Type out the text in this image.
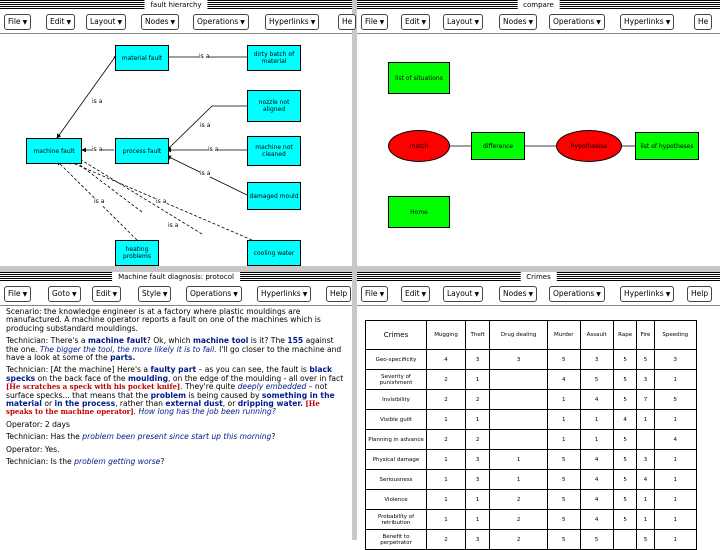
fault hierarchy
File ▼	Edit ▼	Layout ▼	Nodes ▼	Operations ▼	Hyperlinks ▼	He
is a
is a
is a
is a	is a
is a
is a	is a
is a
material fault	dirty batch of material
nozzle not aligned
machine fault	process fault	machine not cleaned
damaged mould
heating problems	cooling water
compare
File ▼	Edit ▼	Layout ▼	Nodes ▼	Operations ▼	Hyperlinks ▼	He
list of situations
match	difference	hypothesise	list of hypotheses
Home
Machine fault diagnosis: protocol
File ▼	Goto ▼	Edit ▼	Style ▼	Operations ▼	Hyperlinks ▼	Help

Scenario: the knowledge engineer is at a factory where plastic mouldings are manufactured. A machine operator reports a fault on one of the machines which is producing substandard mouldings.

Technician: There's a machine fault? Ok, which machine tool is it? The 155 against the one. The bigger the tool, the more likely it is to fail. I'll go closer to the machine and have a look at some of the parts.

Technician: [At the machine] Here's a faulty part – as you can see, the fault is black specks on the back face of the moulding, on the edge of the moulding - all over in fact
[He scratches a speck with his pocket knife]. They're quite deeply embedded – not surface specks... that means that the problem is being caused by something in the material or in the process, rather than external dust, or dripping water. [He speaks to the machine operator]. How long has the job been running?

Operator: 2 days

Technician: Has the problem been present since start up this morning?

Operator: Yes.

Technician: Is the problem getting worse?

Crimes
File ▼	Edit ▼	Layout ▼	Nodes ▼	Operations ▼	Hyperlinks ▼	Help
Crimes	Mugging	Theft	Drug dealing	Murder	Assault	Rape	Fire	Speeding
Geo-specificity	4	3	3	5	3	5	5	3
Severity of punishment	2	1		4	5	5	3	1
Invisibility	2	2		1	4	5	7	5
Visible guilt	1	1		1	1	4	1	1
Planning in advance	2	2		1	1	5		4
Physical damage	1	3	1	5	4	5	3	1
Seriousness	1	3	1	5	4	5	4	1
Violence	1	1	2	5	4	5	1	1
Probability of retribution	1	1	2	5	4	5	1	1
Benefit to perpetrator	2	3	2	5	5		5	1
